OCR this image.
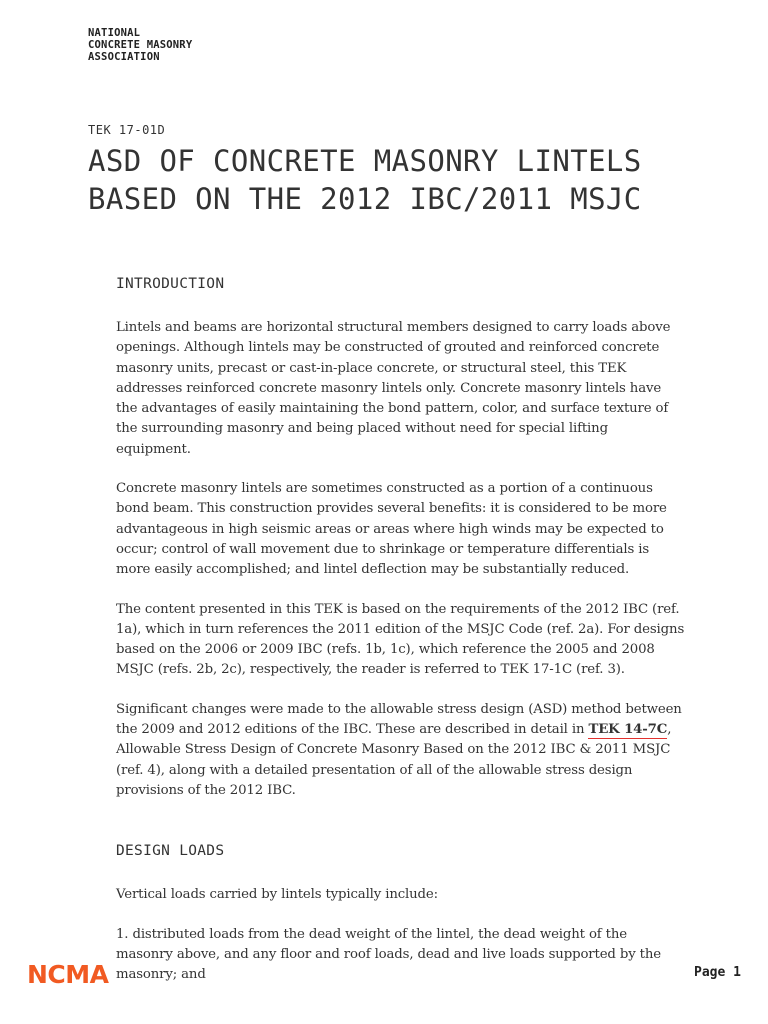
NATIONAL
CONCRETE MASONRY
ASSOCIATION
TEK 17-01D
ASD OF CONCRETE MASONRY LINTELS
BASED ON THE 2012 IBC/2011 MSJC
INTRODUCTION

Lintels and beams are horizontal structural members designed to carry loads above openings. Although lintels may be constructed of grouted and reinforced concrete masonry units, precast or cast-in-place concrete, or structural steel, this TEK addresses reinforced concrete masonry lintels only. Concrete masonry lintels have the advantages of easily maintaining the bond pattern, color, and surface texture of the surrounding masonry and being placed without need for special lifting equipment.

Concrete masonry lintels are sometimes constructed as a portion of a continuous bond beam. This construction provides several benefits: it is considered to be more advantageous in high seismic areas or areas where high winds may be expected to occur; control of wall movement due to shrinkage or temperature differentials is more easily accomplished; and lintel deflection may be substantially reduced.

The content presented in this TEK is based on the requirements of the 2012 IBC (ref. 1a), which in turn references the 2011 edition of the MSJC Code (ref. 2a). For designs based on the 2006 or 2009 IBC (refs. 1b, 1c), which reference the 2005 and 2008 MSJC (refs. 2b, 2c), respectively, the reader is referred to TEK 17-1C (ref. 3).

Significant changes were made to the allowable stress design (ASD) method between the 2009 and 2012 editions of the IBC. These are described in detail in TEK 14-7C, Allowable Stress Design of Concrete Masonry Based on the 2012 IBC & 2011 MSJC (ref. 4), along with a detailed presentation of all of the allowable stress design provisions of the 2012 IBC.

DESIGN LOADS

Vertical loads carried by lintels typically include:

1. distributed loads from the dead weight of the lintel, the dead weight of the masonry above, and any floor and roof loads, dead and live loads supported by the masonry; and

NCMA	Page 1
